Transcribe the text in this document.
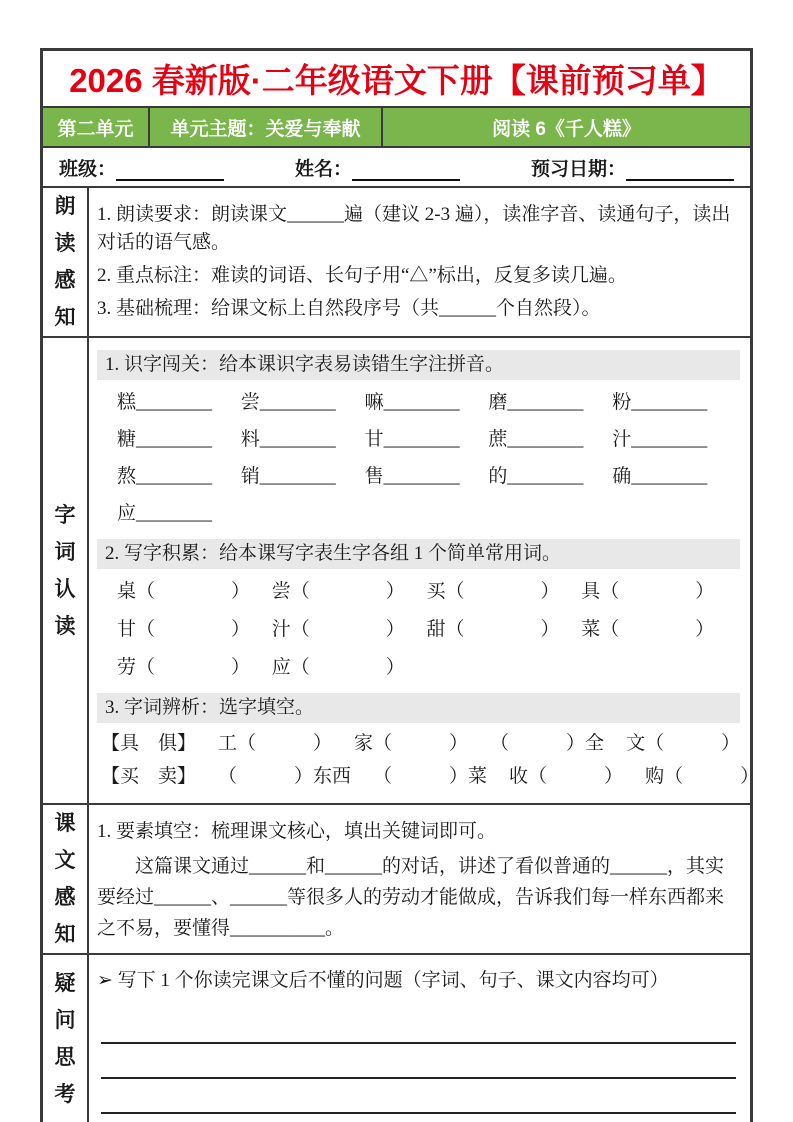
2026 春新版·二年级语文下册【课前预习单】
第二单元 单元主题：关爱与奉献	阅读 6《千人糕》
班级：	姓名：	预习日期：
朗
读
感
知

1. 朗读要求：朗读课文______遍（建议 2-3 遍），读准字音、读通句子，读出对话的语气感。

2. 重点标注：难读的词语、长句子用“△”标出，反复多读几遍。

3. 基础梳理：给课文标上自然段序号（共______个自然段）。

字
词
认
读
1. 识字闯关：给本课识字表易读错生字注拼音。
糕________	尝________	嘛________	磨________	粉________
糖________	料________	甘________	蔗________	汁________
熬________	销________	售________	的________	确________
应________
2. 写字积累：给本课写字表生字各组 1 个简单常用词。
桌（　　　　）	尝（　　　　）	买（　　　　）	具（　　　　）
甘（　　　　）	汁（　　　　）	甜（　　　　）	菜（　　　　）
劳（　　　　）	应（　　　　）
3. 字词辨析：选字填空。
【具　俱】 工（　　　） 家（　　　） （　　　）全 文（　　　）
【买　卖】 （　　　）东西 （　　　）菜 收（　　　） 购（　　　）
课
文
感
知

1. 要素填空：梳理课文核心，填出关键词即可。

这篇课文通过______和______的对话，讲述了看似普通的______，其实要经过______、______等很多人的劳动才能做成，告诉我们每一样东西都来之不易，要懂得__________。

疑
问
思
考

➢ 写下 1 个你读完课文后不懂的问题（字词、句子、课文内容均可）
